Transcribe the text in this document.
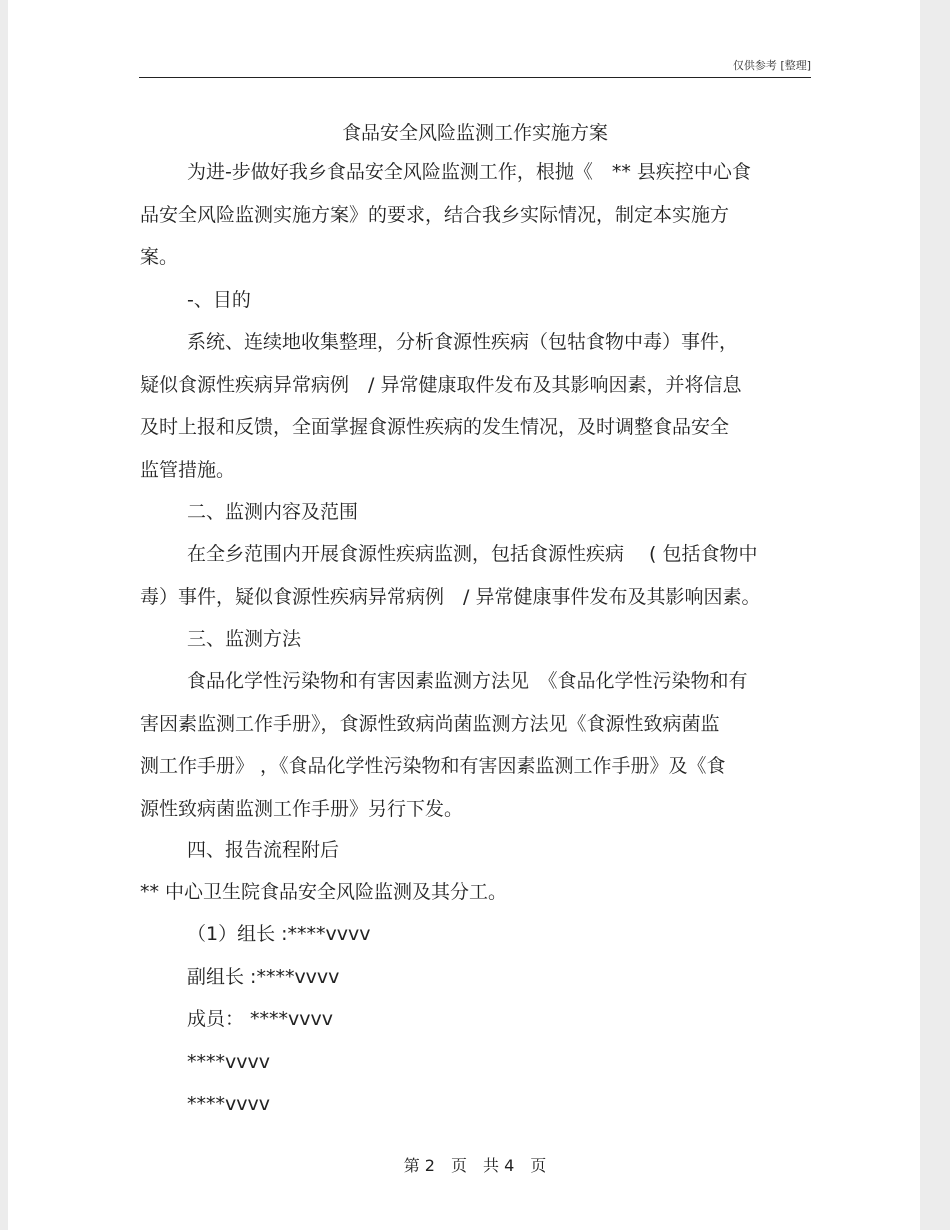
仅供参考 [整理]
食品安全风险监测工作实施方案
为进-步做好我乡食品安全风险监测工作，根抛《　** 县疾控中心食
品安全风险监测实施方案》的要求，结合我乡实际情况，制定本实施方
案。
-、目的
系统、连续地收集整理，分析食源性疾病（包牯食物中毒）事件，
疑似食源性疾病异常病例　/ 异常健康取件发布及其影响因素，并将信息
及时上报和反馈，全面掌握食源性疾病的发生情况，及时调整食品安全
监管措施。
二、监测内容及范围
在全乡范围内开展食源性疾病监测，包括食源性疾病　 ( 包括食物中
毒）事件，疑似食源性疾病异常病例　/ 异常健康事件发布及其影响因素。
三、监测方法
食品化学性污染物和有害因素监测方法见　《食品化学性污染物和有
害因素监测工作手册》，食源性致病尚菌监测方法见《食源性致病菌监
测工作手册》 ，《食品化学性污染物和有害因素监测工作手册》及《食
源性致病菌监测工作手册》另行下发。
四、报告流程附后
** 中心卫生院食品安全风险监测及其分工。
（1）组长 :****vvvv
副组长 :****vvvv
成员： ****vvvv
****vvvv
****vvvv
第 2　页　共 4　页
